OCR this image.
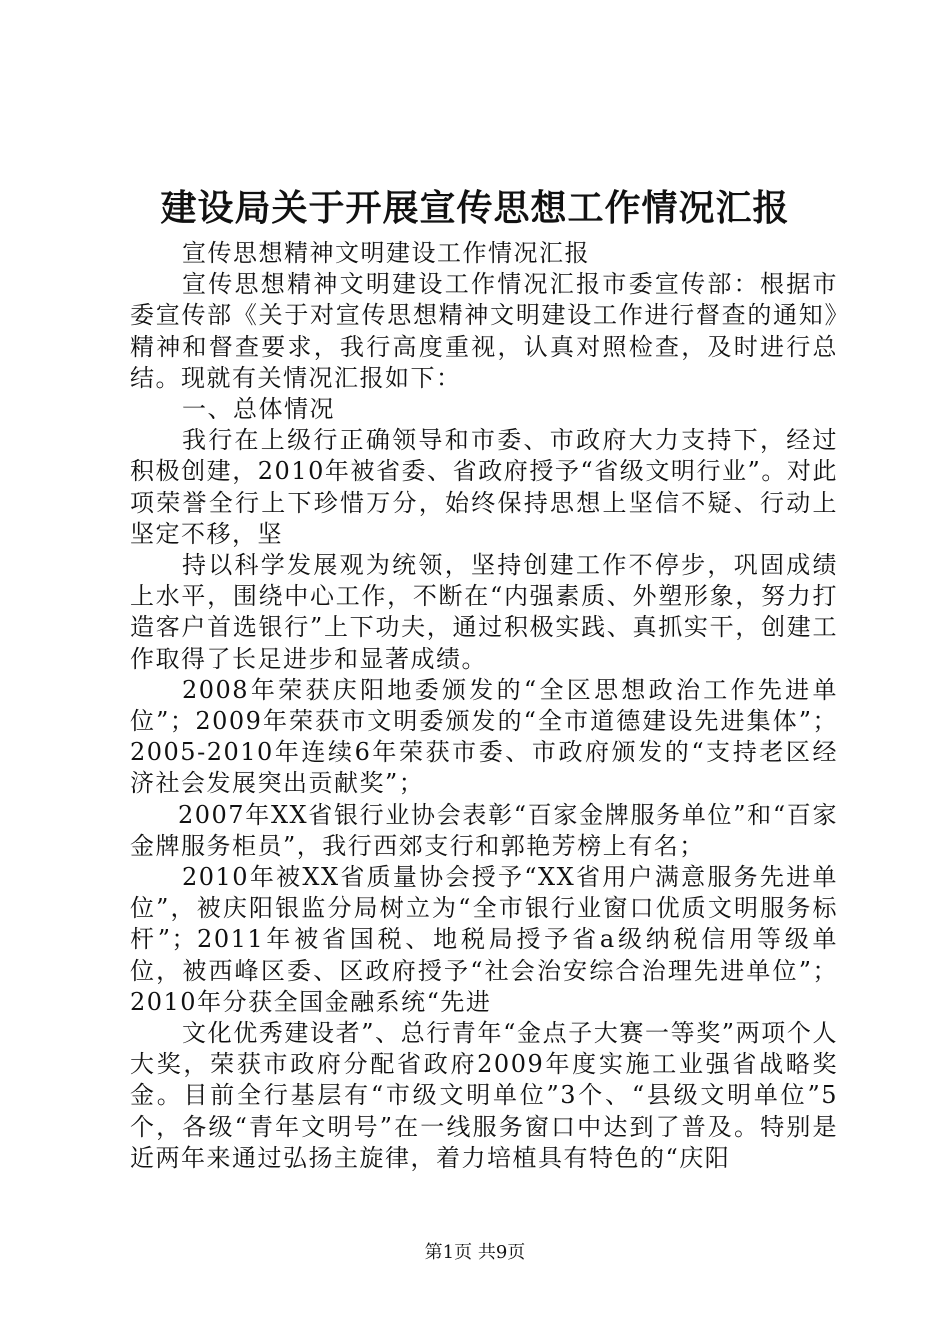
建设局关于开展宣传思想工作情况汇报

宣传思想精神文明建设工作情况汇报

宣传思想精神文明建设工作情况汇报市委宣传部：根据市委宣传部《关于对宣传思想精神文明建设工作进行督查的通知》精神和督查要求，我行高度重视，认真对照检查，及时进行总结。现就有关情况汇报如下：

一、总体情况

我行在上级行正确领导和市委、市政府大力支持下，经过积极创建，2010年被省委、省政府授予“省级文明行业”。对此项荣誉全行上下珍惜万分，始终保持思想上坚信不疑、行动上坚定不移，坚

持以科学发展观为统领，坚持创建工作不停步，巩固成绩上水平，围绕中心工作，不断在“内强素质、外塑形象，努力打造客户首选银行”上下功夫，通过积极实践、真抓实干，创建工作取得了长足进步和显著成绩。

2008年荣获庆阳地委颁发的“全区思想政治工作先进单位”；2009年荣获市文明委颁发的“全市道德建设先进集体”；2005-2010年连续6年荣获市委、市政府颁发的“支持老区经济社会发展突出贡献奖”；

2007年XX省银行业协会表彰“百家金牌服务单位”和“百家金牌服务柜员”，我行西郊支行和郭艳芳榜上有名；

2010年被XX省质量协会授予“XX省用户满意服务先进单位”，被庆阳银监分局树立为“全市银行业窗口优质文明服务标杆”；2011年被省国税、地税局授予省a级纳税信用等级单位，被西峰区委、区政府授予“社会治安综合治理先进单位”；2010年分获全国金融系统“先进

文化优秀建设者”、总行青年“金点子大赛一等奖”两项个人大奖，荣获市政府分配省政府2009年度实施工业强省战略奖金。目前全行基层有“市级文明单位”3个、“县级文明单位”5个，各级“青年文明号”在一线服务窗口中达到了普及。特别是近两年来通过弘扬主旋律，着力培植具有特色的“庆阳

第1页 共9页
